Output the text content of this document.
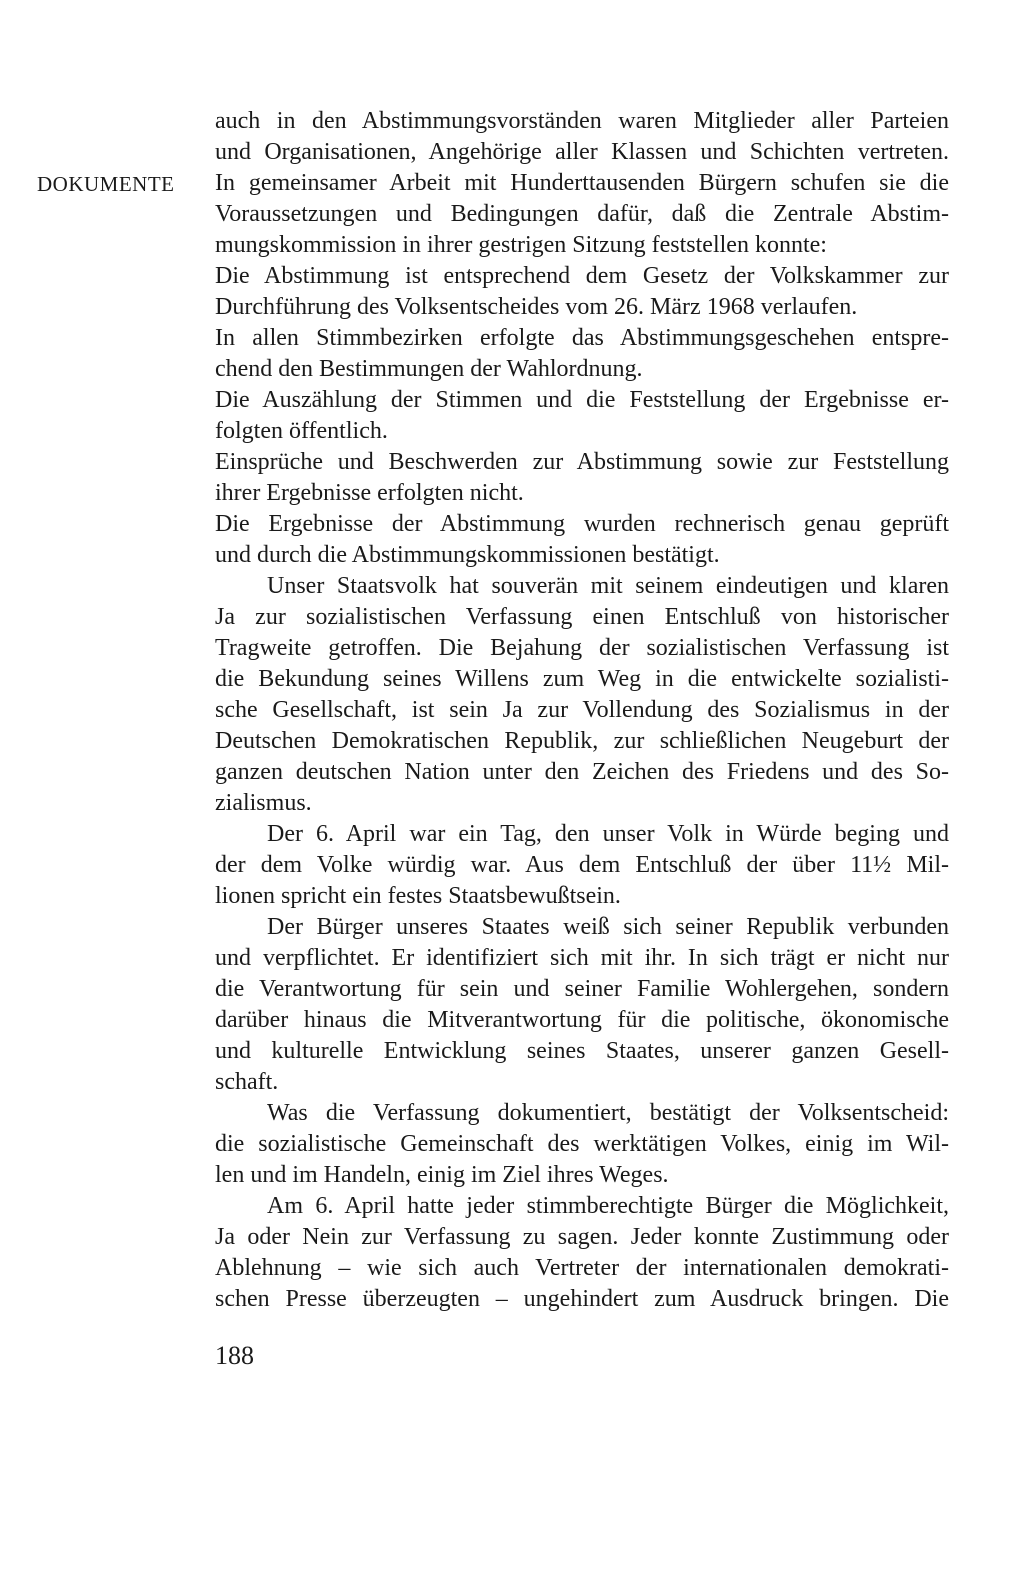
DOKUMENTE
auch in den Abstimmungsvorständen waren Mitglieder aller Parteien
und Organisationen, Angehörige aller Klassen und Schichten vertreten.
In gemeinsamer Arbeit mit Hunderttausenden Bürgern schufen sie die
Voraussetzungen und Bedingungen dafür, daß die Zentrale Abstim-
mungskommission in ihrer gestrigen Sitzung feststellen konnte:
Die Abstimmung ist entsprechend dem Gesetz der Volkskammer zur
Durchführung des Volksentscheides vom 26. März 1968 verlaufen.
In allen Stimmbezirken erfolgte das Abstimmungsgeschehen entspre-
chend den Bestimmungen der Wahlordnung.
Die Auszählung der Stimmen und die Feststellung der Ergebnisse er-
folgten öffentlich.
Einsprüche und Beschwerden zur Abstimmung sowie zur Feststellung
ihrer Ergebnisse erfolgten nicht.
Die Ergebnisse der Abstimmung wurden rechnerisch genau geprüft
und durch die Abstimmungskommissionen bestätigt.
Unser Staatsvolk hat souverän mit seinem eindeutigen und klaren
Ja zur sozialistischen Verfassung einen Entschluß von historischer
Tragweite getroffen. Die Bejahung der sozialistischen Verfassung ist
die Bekundung seines Willens zum Weg in die entwickelte sozialisti-
sche Gesellschaft, ist sein Ja zur Vollendung des Sozialismus in der
Deutschen Demokratischen Republik, zur schließlichen Neugeburt der
ganzen deutschen Nation unter den Zeichen des Friedens und des So-
zialismus.
Der 6. April war ein Tag, den unser Volk in Würde beging und
der dem Volke würdig war. Aus dem Entschluß der über 11½ Mil-
lionen spricht ein festes Staatsbewußtsein.
Der Bürger unseres Staates weiß sich seiner Republik verbunden
und verpflichtet. Er identifiziert sich mit ihr. In sich trägt er nicht nur
die Verantwortung für sein und seiner Familie Wohlergehen, sondern
darüber hinaus die Mitverantwortung für die politische, ökonomische
und kulturelle Entwicklung seines Staates, unserer ganzen Gesell-
schaft.
Was die Verfassung dokumentiert, bestätigt der Volksentscheid:
die sozialistische Gemeinschaft des werktätigen Volkes, einig im Wil-
len und im Handeln, einig im Ziel ihres Weges.
Am 6. April hatte jeder stimmberechtigte Bürger die Möglichkeit,
Ja oder Nein zur Verfassung zu sagen. Jeder konnte Zustimmung oder
Ablehnung – wie sich auch Vertreter der internationalen demokrati-
schen Presse überzeugten – ungehindert zum Ausdruck bringen. Die
188
